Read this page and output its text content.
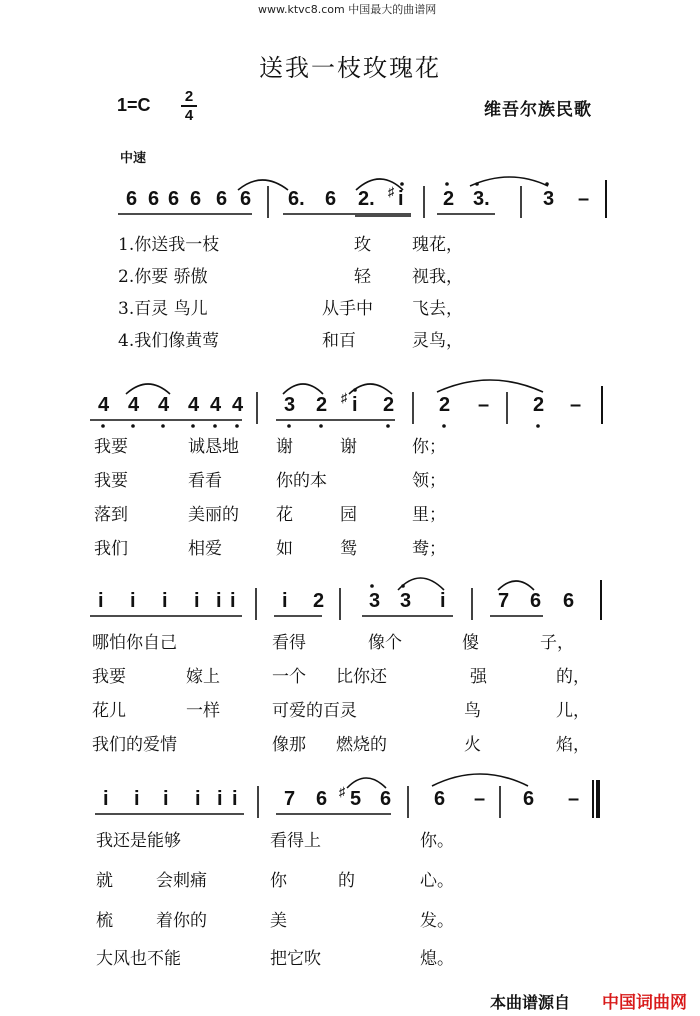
www.ktvc8.com 中国最大的曲谱网
送我一枝玫瑰花
1=C	2
4	维吾尔族民歌
中速
6 6 6 6 6 6 6. 6 2. ♯ i 2 3.	3 –
1.你送我一枝	玫 瑰花，
2.你要 骄傲	轻 视我，
3.百灵 鸟儿	从手中 飞去，
4.我们像黄莺	和百	灵鸟，
4 4 4 4 4 4 3 2 ♯ i 2 2 – 2 –
我要	诚恳地 谢	谢	你；
我要	看看	你的本	领；
落到	美丽的 花	园	里；
我们	相爱	如	鸳	鸯；
i i i i i i i 2 3 3 i	7 6 6
哪怕你自己	看得	像个	傻	子，
我要	嫁上	一个 比你还	强	的，
花儿	一样	可爱的百灵	鸟	儿，
我们的爱情	像那 燃烧的	火	焰，
i i i i i i 7 6 ♯ 5 6 6 – 6 –
我还是能够	看得上	你。
就	会刺痛	你	的	心。
梳	着你的	美	发。
大风也不能	把它吹	熄。
本曲谱源自 中国词曲网
